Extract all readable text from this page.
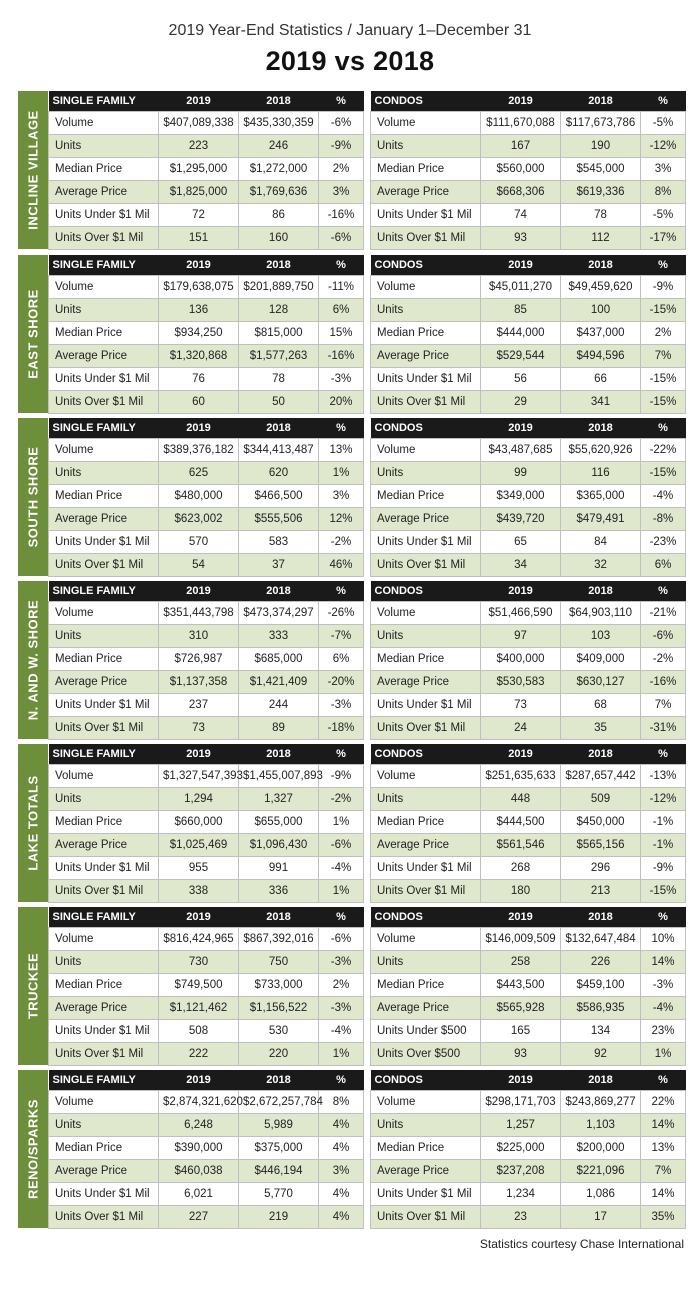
2019 Year-End Statistics / January 1–December 31
2019 vs 2018
INCLINE VILLAGE
SINGLE FAMILY	2019	2018	%
Volume	$407,089,338	$435,330,359	-6%
Units	223	246	-9%
Median Price	$1,295,000	$1,272,000	2%
Average Price	$1,825,000	$1,769,636	3%
Units Under $1 Mil	72	86	-16%
Units Over $1 Mil	151	160	-6%
CONDOS	2019	2018	%
Volume	$111,670,088	$117,673,786	-5%
Units	167	190	-12%
Median Price	$560,000	$545,000	3%
Average Price	$668,306	$619,336	8%
Units Under $1 Mil	74	78	-5%
Units Over $1 Mil	93	112	-17%
EAST SHORE
SINGLE FAMILY	2019	2018	%
Volume	$179,638,075	$201,889,750	-11%
Units	136	128	6%
Median Price	$934,250	$815,000	15%
Average Price	$1,320,868	$1,577,263	-16%
Units Under $1 Mil	76	78	-3%
Units Over $1 Mil	60	50	20%
CONDOS	2019	2018	%
Volume	$45,011,270	$49,459,620	-9%
Units	85	100	-15%
Median Price	$444,000	$437,000	2%
Average Price	$529,544	$494,596	7%
Units Under $1 Mil	56	66	-15%
Units Over $1 Mil	29	341	-15%
SOUTH SHORE
SINGLE FAMILY	2019	2018	%
Volume	$389,376,182	$344,413,487	13%
Units	625	620	1%
Median Price	$480,000	$466,500	3%
Average Price	$623,002	$555,506	12%
Units Under $1 Mil	570	583	-2%
Units Over $1 Mil	54	37	46%
CONDOS	2019	2018	%
Volume	$43,487,685	$55,620,926	-22%
Units	99	116	-15%
Median Price	$349,000	$365,000	-4%
Average Price	$439,720	$479,491	-8%
Units Under $1 Mil	65	84	-23%
Units Over $1 Mil	34	32	6%
N. AND W. SHORE
SINGLE FAMILY	2019	2018	%
Volume	$351,443,798	$473,374,297	-26%
Units	310	333	-7%
Median Price	$726,987	$685,000	6%
Average Price	$1,137,358	$1,421,409	-20%
Units Under $1 Mil	237	244	-3%
Units Over $1 Mil	73	89	-18%
CONDOS	2019	2018	%
Volume	$51,466,590	$64,903,110	-21%
Units	97	103	-6%
Median Price	$400,000	$409,000	-2%
Average Price	$530,583	$630,127	-16%
Units Under $1 Mil	73	68	7%
Units Over $1 Mil	24	35	-31%
LAKE TOTALS
SINGLE FAMILY	2019	2018	%
Volume	$1,327,547,393	$1,455,007,893	-9%
Units	1,294	1,327	-2%
Median Price	$660,000	$655,000	1%
Average Price	$1,025,469	$1,096,430	-6%
Units Under $1 Mil	955	991	-4%
Units Over $1 Mil	338	336	1%
CONDOS	2019	2018	%
Volume	$251,635,633	$287,657,442	-13%
Units	448	509	-12%
Median Price	$444,500	$450,000	-1%
Average Price	$561,546	$565,156	-1%
Units Under $1 Mil	268	296	-9%
Units Over $1 Mil	180	213	-15%
TRUCKEE
SINGLE FAMILY	2019	2018	%
Volume	$816,424,965	$867,392,016	-6%
Units	730	750	-3%
Median Price	$749,500	$733,000	2%
Average Price	$1,121,462	$1,156,522	-3%
Units Under $1 Mil	508	530	-4%
Units Over $1 Mil	222	220	1%
CONDOS	2019	2018	%
Volume	$146,009,509	$132,647,484	10%
Units	258	226	14%
Median Price	$443,500	$459,100	-3%
Average Price	$565,928	$586,935	-4%
Units Under $500	165	134	23%
Units Over $500	93	92	1%
RENO/SPARKS
SINGLE FAMILY	2019	2018	%
Volume	$2,874,321,620	$2,672,257,784	8%
Units	6,248	5,989	4%
Median Price	$390,000	$375,000	4%
Average Price	$460,038	$446,194	3%
Units Under $1 Mil	6,021	5,770	4%
Units Over $1 Mil	227	219	4%
CONDOS	2019	2018	%
Volume	$298,171,703	$243,869,277	22%
Units	1,257	1,103	14%
Median Price	$225,000	$200,000	13%
Average Price	$237,208	$221,096	7%
Units Under $1 Mil	1,234	1,086	14%
Units Over $1 Mil	23	17	35%
Statistics courtesy Chase International
